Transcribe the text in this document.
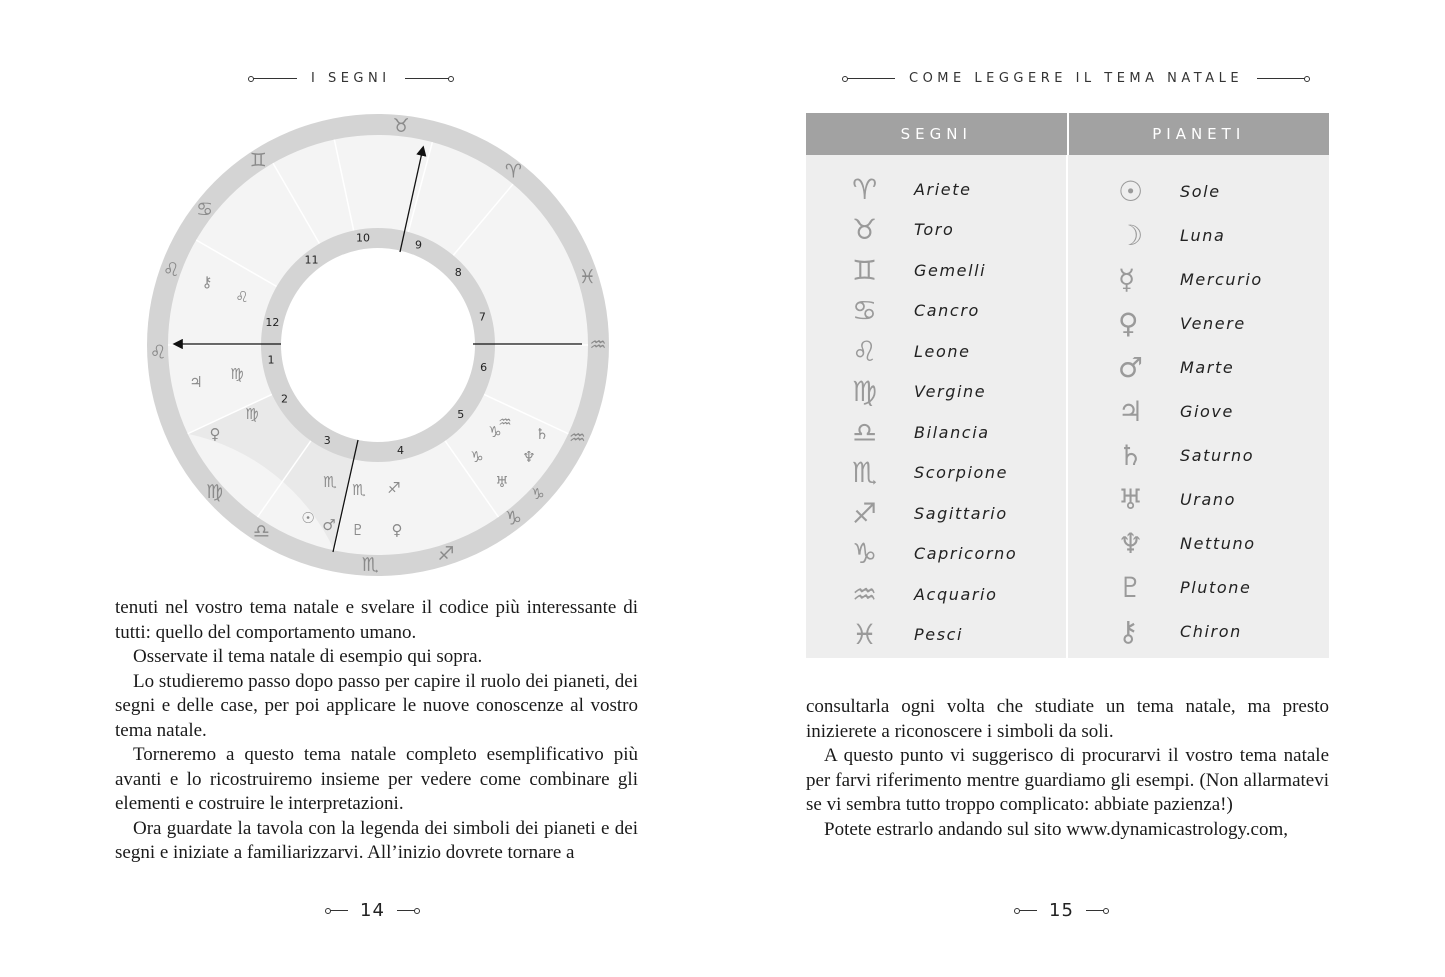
I SEGNI
10
9
8
7
6
5
4
3
2
1
12
11
♉
♈
♓
♒
♒
♑
♐
♏
♎
♍
♌
♌
♋
♊
⚷
♌
♃ ♍
♍
♀
♒
♑ ♄
♑	♆
♅
♑
♏ ♏ ♐
☉ ♂ ♇ ♀

tenuti nel vostro tema natale e svelare il codice più interessante di tutti: quello del comportamento umano.

Osservate il tema natale di esempio qui sopra.

Lo studieremo passo dopo passo per capire il ruolo dei pianeti, dei segni e delle case, per poi applicare le nuove conoscenze al vostro tema natale.

Torneremo a questo tema natale completo esemplificativo più avanti e lo ricostruiremo insieme per vedere come combinare gli elementi e costruire le interpretazioni.

Ora guardate la tavola con la legenda dei simboli dei pianeti e dei segni e iniziate a familiarizzarvi. All’inizio dovrete tornare a

14
COME LEGGERE IL TEMA NATALE
SEGNI	PIANETI
♈	Ariete
♉	Toro
♊	Gemelli
♋	Cancro
♌	Leone
♍	Vergine
♎	Bilancia
♏	Scorpione
♐	Sagittario
♑	Capricorno
♒	Acquario
♓	Pesci
☉	Sole
☽	Luna
☿	Mercurio
♀	Venere
♂	Marte
♃	Giove
♄	Saturno
♅	Urano
♆	Nettuno
♇	Plutone
⚷	Chiron

consultarla ogni volta che studiate un tema natale, ma presto inizierete a riconoscere i simboli da soli.

A questo punto vi suggerisco di procurarvi il vostro tema natale per farvi riferimento mentre guardiamo gli esempi. (Non allarmatevi se vi sembra tutto troppo complicato: abbiate pazienza!)

Potete estrarlo andando sul sito www.dynamicastrology.com,

15
